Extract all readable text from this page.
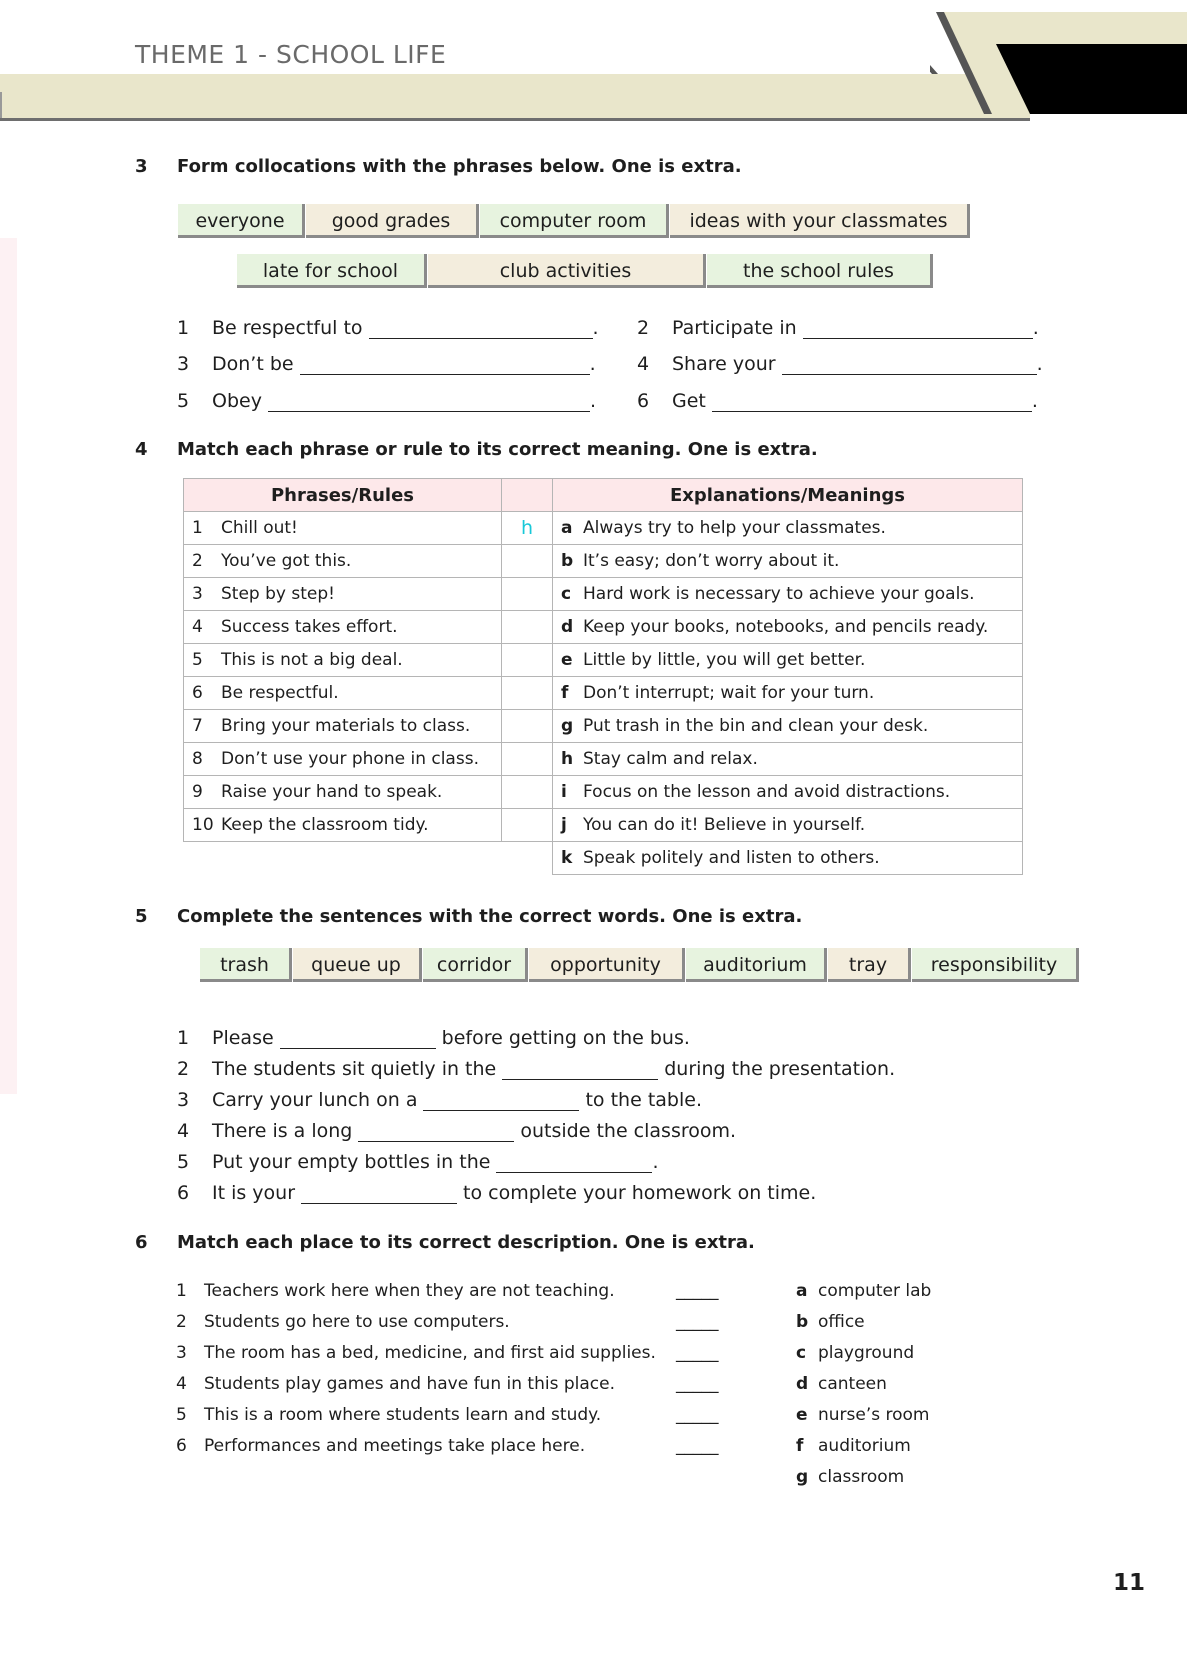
THEME 1 - SCHOOL LIFE
3 Form collocations with the phrases below. One is extra.
everyone	good grades	computer room	ideas with your classmates
late for school	club activities	the school rules
1	Be respectful to	. 2	Participate in	.
3	Don’t be	. 4	Share your	.
5	Obey	. 6	Get	.
4 Match each phrase or rule to its correct meaning. One is extra.
Phrases/Rules		Explanations/Meanings
1 Chill out!	h	a Always try to help your classmates.
2 You’ve got this.		b It’s easy; don’t worry about it.
3 Step by step!		c Hard work is necessary to achieve your goals.
4 Success takes effort.		d Keep your books, notebooks, and pencils ready.
5 This is not a big deal.		e Little by little, you will get better.
6 Be respectful.		f Don’t interrupt; wait for your turn.
7 Bring your materials to class.		g Put trash in the bin and clean your desk.
8 Don’t use your phone in class.		h Stay calm and relax.
9 Raise your hand to speak.		i Focus on the lesson and avoid distractions.
10 Keep the classroom tidy.		j You can do it! Believe in yourself.
		k Speak politely and listen to others.
5 Complete the sentences with the correct words. One is extra.
trash	queue up	corridor	opportunity	auditorium	tray	responsibility
1	Please	before getting on the bus.
2	The students sit quietly in the	during the presentation.
3	Carry your lunch on a	to the table.
4	There is a long	outside the classroom.
5	Put your empty bottles in the	.
6	It is your	to complete your homework on time.
6 Match each place to its correct description. One is extra.
1 Teachers work here when they are not teaching.	_____
2 Students go here to use computers.	_____
3 The room has a bed, medicine, and first aid supplies. _____
4 Students play games and have fun in this place.	_____
5 This is a room where students learn and study.	_____
6 Performances and meetings take place here.	_____
a computer lab
b office
c playground
d canteen
e nurse’s room
f auditorium
g classroom
11
